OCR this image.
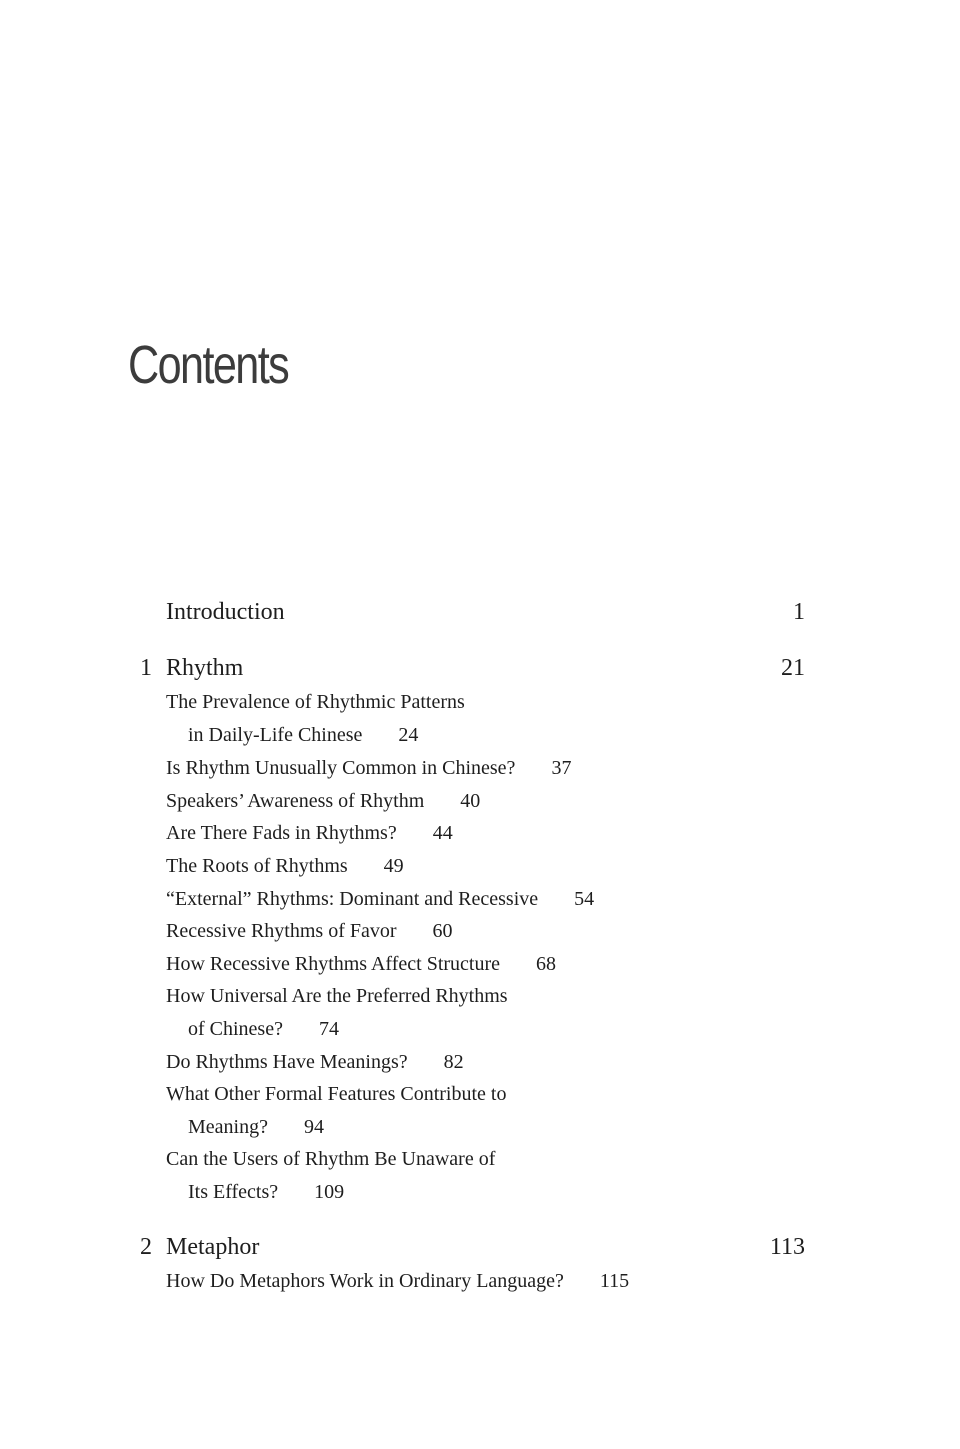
Contents
Introduction	1
1 Rhythm	21
The Prevalence of Rhythmic Patterns
in Daily-Life Chinese 24
Is Rhythm Unusually Common in Chinese? 37
Speakers’ Awareness of Rhythm 40
Are There Fads in Rhythms? 44
The Roots of Rhythms 49
“External” Rhythms: Dominant and Recessive 54
Recessive Rhythms of Favor 60
How Recessive Rhythms Affect Structure 68
How Universal Are the Preferred Rhythms
of Chinese? 74
Do Rhythms Have Meanings? 82
What Other Formal Features Contribute to
Meaning? 94
Can the Users of Rhythm Be Unaware of
Its Effects? 109
2 Metaphor	113
How Do Metaphors Work in Ordinary Language? 115
